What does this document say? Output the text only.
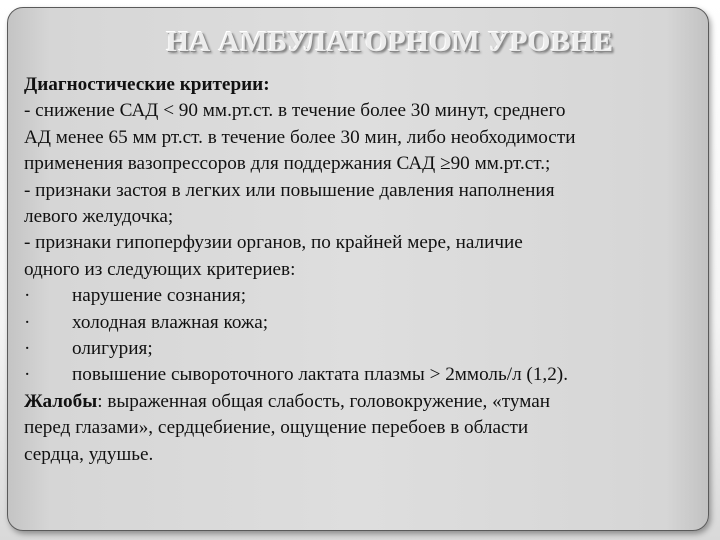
НА АМБУЛАТОРНОМ УРОВНЕ
Диагностические критерии:
- снижение САД < 90 мм.рт.ст. в течение более 30 минут, среднего
АД менее 65 мм рт.ст. в течение более 30 мин, либо необходимости
применения вазопрессоров для поддержания САД ≥90 мм.рт.ст.;
- признаки застоя в легких или повышение давления наполнения
левого желудочка;
- признаки гипоперфузии органов, по крайней мере, наличие
одного из следующих критериев:
· нарушение сознания;
· холодная влажная кожа;
· олигурия;
· повышение сывороточного лактата плазмы > 2ммоль/л (1,2).
Жалобы: выраженная общая слабость, головокружение, «туман
перед глазами», сердцебиение, ощущение перебоев в области
сердца, удушье.
